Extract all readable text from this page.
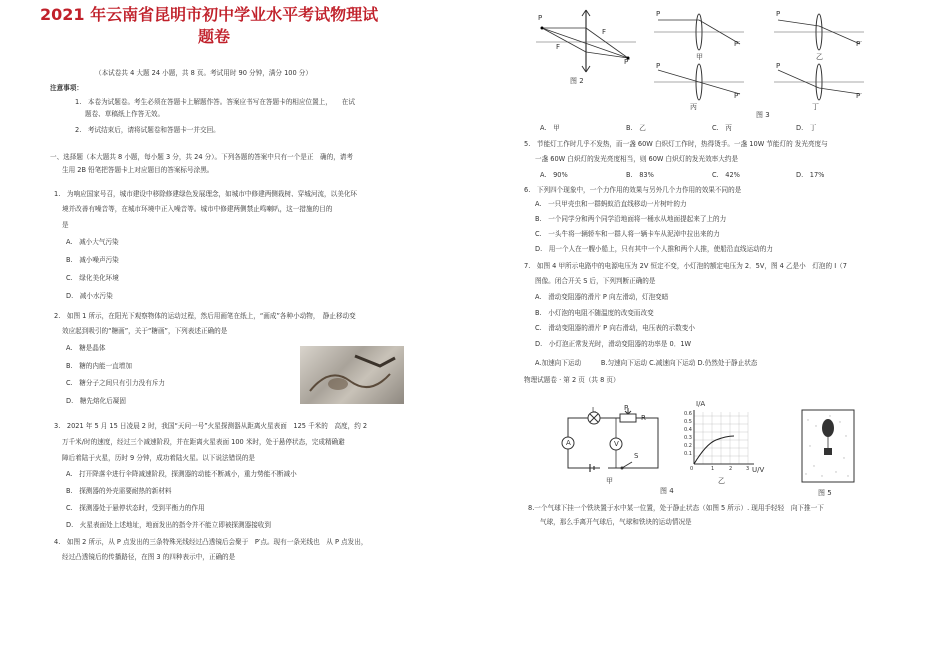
2021 年云南省昆明市初中学业水平考试物理试
题卷
（本试卷共 4 大题 24 小题，共 8 页。考试用时 90 分钟，满分 100 分）
注意事项：
1.　本卷为试题卷。考生必须在答题卡上解题作答。答案应书写在答题卡的相应位置上，　　在试
题卷、草稿纸上作答无效。
2.　考试结束后，请将试题卷和答题卡一并交回。
一、选择题（本大题共 8 小题，每小题 3 分，共 24 分）。下列各题的答案中只有一个是正　确的，请考
生用 2B 铅笔把答题卡上对应题目的答案标号涂黑。
1.　为响应国家号召，城市建设中移除修建绿色发展理念，如城市中修建两侧栽树、穿城河流，以美化环
境并改善有噪音等，在城市环境中正入噪音等。城市中修建两侧禁止鸣喇叭，这一措施的目的
是
A.　减小大气污染
B.　减小噪声污染
C.　绿化美化环境
D.　减小水污染
2.　如图 1 所示，在阳光下观察物体的运动过程，然后用画笔在纸上，“画成”各种小动物，　静止移动变
效应起到吸引的“糖画”，关于“糖画”，下列表述正确的是
A.　糖是晶体
B.　糖的内能一直增加
C.　糖分子之间只有引力没有斥力
D.　糖先熔化后凝固
3.　2021 年 5 月 15 日凌晨 2 时，我国“天问一号”火星探测器从距离火星表面　125 千米的　高度，约 2
万千米/时的速度，经过三个减速阶段，并在距离火星表面 100 米时，处于悬停状态，完成精确避
障后着陆于火星，历时 9 分钟，成功着陆火星。以下说法错误的是
A.　打开降落伞进行伞降减速阶段，探测器的动能不断减小，重力势能不断减小
B.　探测器的外壳需要耐热的新材料
C.　探测器处于悬停状态时，受到平衡力的作用
D.　火星表面处上述地址，地面发出的指令并不能立即被探测器接收到
4.　如图 2 所示，从 P 点发出的三条特殊光线经过凸透镜后会聚于　P′点。现有一条光线也　从 P 点发出，
经过凸透镜后的传播路径，在图 3 的四种表示中，正确的是
P
F
F
P′
图 2
P
P′
甲
P
P′
乙
P
P′
丙
P
P′
丁
图 3
A.　甲	B.　乙	C.　丙	D.　丁
5.　节能灯工作时几乎不发热，而一盏 60W 白炽灯工作时，热得烫手。一盏 10W 节能灯的 发光亮度与
一盏 60W 白炽灯的发光亮度相当，则 60W 白炽灯的发光效率大约是
A.　90%	B.　83%	C.　42%	D.　17%
6.　下列四个现象中，一个力作用的效果与另外几个力作用的效果不同的是
A.　一只甲壳虫和一群蚂蚁沿直线移动一片树叶的力
B.　一个同学分和两个同学沿地面将一桶水从地面提起来了上的力
C.　一头牛将一辆轿车和一群人将一辆卡车从泥淖中拉出来的力
D.　用一个人在一艘小船上，只有其中一个人推和两个人推，使船沿直线运动的力
7.　如图 4 甲所示电路中的电源电压为 2V 恒定不变，小灯泡的额定电压为 2．5V，图 4 乙是小　灯泡的 I（7
图像。闭合开关 S 后，下列判断正确的是
A.　滑动变阻器的滑片 P 向左滑动，灯泡变暗
B.　小灯泡的电阻不随温度的改变而改变
C.　滑动变阻器的滑片 P 向右滑动，电压表的示数变小
D.　小灯泡正常发光时，滑动变阻器的功率是 0．1W
A.加速向下运动　　　B.匀速向下运动 C.减速向下运动 D.仍然处于静止状态
物理试题卷 · 第 2 页（共 8 页）
L	P
R
A	V
S
甲
I/A
U/V
0.6
0.5
0.4
0.3
0.2
0.1
0	1	2	3
乙
图 4	图 5
8.一个气球下挂一个铁块置于水中某一位置，处于静止状态（如图 5 所示）. 现用手轻轻　向下推一下
气球，那么手离开气球后，气球和铁块的运动情况是
